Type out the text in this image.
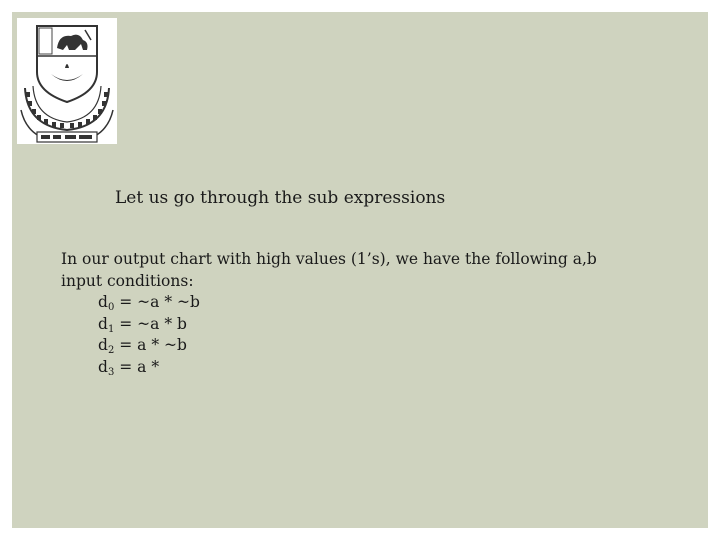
Let us go through the sub expressions
In our output chart with high values (1’s), we have the following a,b
input conditions:
$d_0$ = ~a * ~b
$d_1$ = ~a * b
$d_2 = a$ * ~b
$d_3 = a$ *
